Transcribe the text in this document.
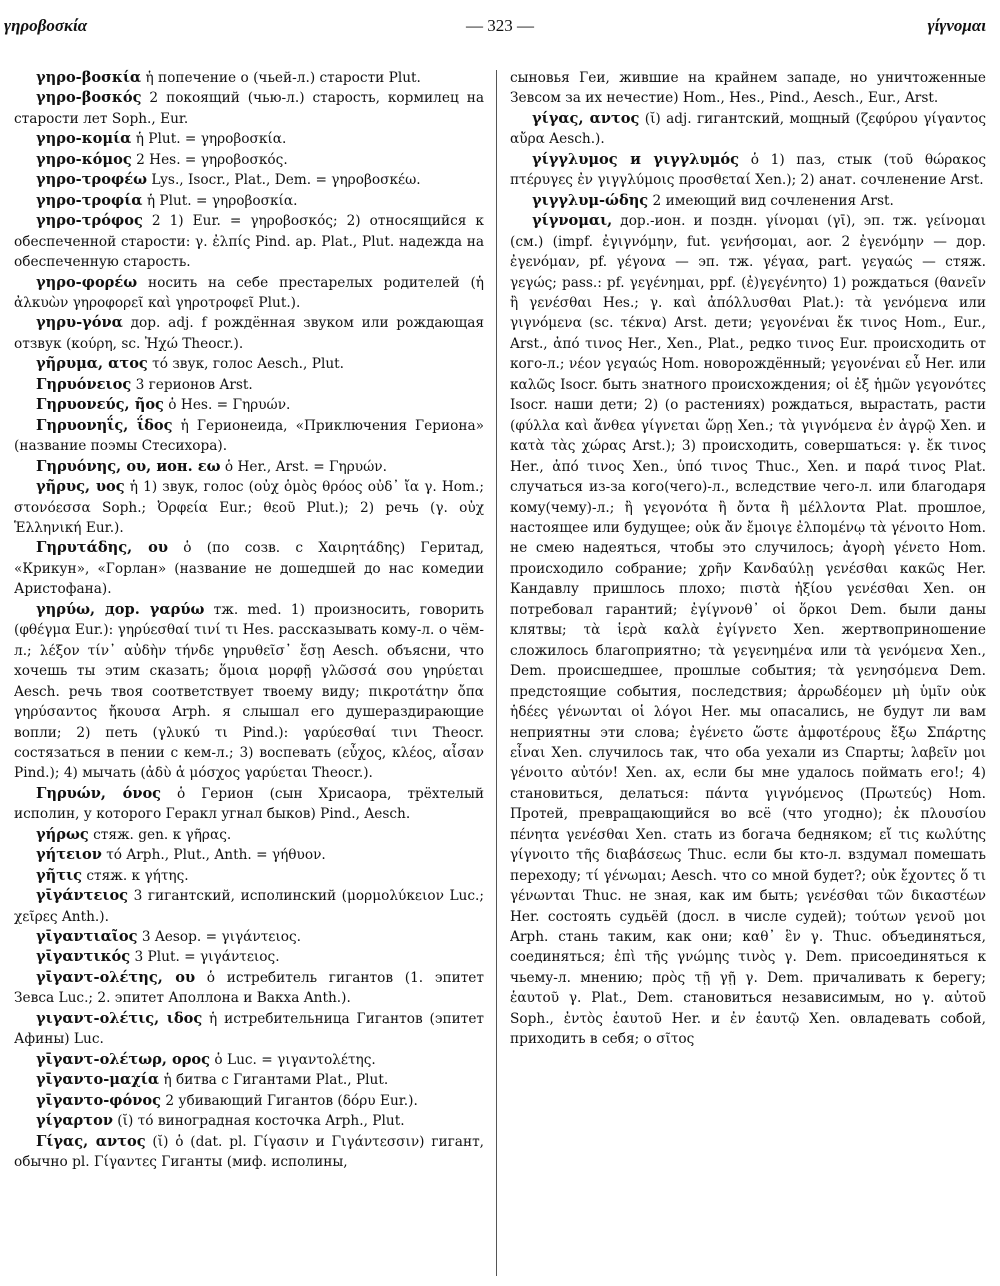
γηροβοσκία	— 323 —	γίγνομαι

γηρο-βοσκία ἡ попечение о (чьей-л.) старости Plut.

γηρο-βοσκός 2 покоящий (чью-л.) старость, кормилец на старости лет Soph., Eur.

γηρο-κομία ἡ Plut. = γηροβοσκία.

γηρο-κόμος 2 Hes. = γηροβοσκός.

γηρο-τροφέω Lys., Isocr., Plat., Dem. = γηροβοσκέω.

γηρο-τροφία ἡ Plut. = γηροβοσκία.

γηρο-τρόφος 2 1) Eur. = γηροβοσκός; 2) относящийся к обеспеченной старости: γ. ἐλπίς Pind. ap. Plat., Plut. надежда на обеспеченную старость.

γηρο-φορέω носить на себе престарелых родителей (ἡ ἀλκυὼν γηροφορεῖ καὶ γηροτροφεῖ Plut.).

γηρυ-γόνα дор. adj. f рождённая звуком или рождающая отзвук (κούρη, sc. Ἠχώ Theocr.).

γῆρυμα, ατος τό звук, голос Aesch., Plut.

Γηρυόνειος 3 герионов Arst.

Γηρυονεύς, ῆος ὁ Hes. = Γηρυών.

Γηρυονηΐς, ΐδος ἡ Герионеида, «Приключения Гериона» (название поэмы Стесихора).

Γηρυόνης, ου, ион. εω ὁ Her., Arst. = Γηρυών.

γῆρυς, υος ἡ 1) звук, голос (οὐχ ὁμὸς θρόος οὐδ᾽ ἴα γ. Hom.; στονόεσσα Soph.; Ὀρφεία Eur.; θεοῦ Plut.); 2) речь (γ. οὐχ Ἑλληνική Eur.).

Γηρυτάδης, ου ὁ (по созв. с Χαιρητάδης) Геритад, «Крикун», «Горлан» (название не дошедшей до нас комедии Аристофана).

γηρύω, дор. γαρύω тж. med. 1) произносить, говорить (φθέγμα Eur.): γηρύεσθαί τινί τι Hes. рассказывать кому-л. о чём-л.; λέξον τίν᾽ αὐδὴν τήνδε γηρυθεῖσ᾽ ἔσῃ Aesch. объясни, что хочешь ты этим сказать; ὅμοια μορφῇ γλῶσσά σου γηρύεται Aesch. речь твоя соответствует твоему виду; πικροτάτην ὄπα γηρύσαντος ἤκουσα Arph. я слышал его душераздирающие вопли; 2) петь (γλυκύ τι Pind.): γαρύεσθαί τινι Theocr. состязаться в пении с кем-л.; 3) воспевать (εὖχος, κλέος, αἶσαν Pind.); 4) мычать (ἀδὺ ἁ μόσχος γαρύεται Theocr.).

Γηρυών, όνος ὁ Герион (сын Хрисаора, трёхтелый исполин, у которого Геракл угнал быков) Pind., Aesch.

γήρως стяж. gen. к γῆρας.

γήτειον τό Arph., Plut., Anth. = γήθυον.

γῆτις стяж. к γήτης.

γῑγάντειος 3 гигантский, исполинский (μορμολύκειον Luc.; χεῖρες Anth.).

γῑγαντιαῖος 3 Aesop. = γιγάντειος.

γῑγαντικός 3 Plut. = γιγάντειος.

γῑγαντ-ολέτης, ου ὁ истребитель гигантов (1. эпитет Зевса Luc.; 2. эпитет Аполлона и Вакха Anth.).

γιγαντ-ολέτις, ιδος ἡ истребительница Гигантов (эпитет Афины) Luc.

γῑγαντ-ολέτωρ, ορος ὁ Luc. = γιγαντολέτης.

γῑγαντο-μαχία ἡ битва с Гигантами Plat., Plut.

γῑγαντο-φόνος 2 убивающий Гигантов (δόρυ Eur.).

γίγαρτον (ῐ) τό виноградная косточка Arph., Plut.

Γίγας, αντος (ῐ) ὁ (dat. pl. Γίγασιν и Γιγάντεσσιν) гигант, обычно pl. Γίγαντες Гиганты (миф. исполины,

сыновья Геи, жившие на крайнем западе, но уничтоженные Зевсом за их нечестие) Hom., Hes., Pind., Aesch., Eur., Arst.

γίγας, αντος (ῐ) adj. гигантский, мощный (ζεφύρου γίγαντος αὔρα Aesch.).

γίγγλυμος и γιγγλυμός ὁ 1) паз, стык (τοῦ θώρακος πτέρυγες ἐν γιγγλύμοις προσθεταί Xen.); 2) анат. сочленение Arst.

γιγγλυμ-ώδης 2 имеющий вид сочленения Arst.

γίγνομαι, дор.-ион. и поздн. γίνομαι (γῑ), эп. тж. γείνομαι (см.) (impf. ἐγιγνόμην, fut. γενήσομαι, aor. 2 ἐγενόμην — дор. ἐγενόμαν, pf. γέγονα — эп. тж. γέγαα, part. γεγαώς — стяж. γεγώς; pass.: pf. γεγένημαι, ppf. (ἐ)γεγένητο) 1) рождаться (θανεῖν ἢ γενέσθαι Hes.; γ. καὶ ἀπόλλυσθαι Plat.): τὰ γενόμενα или γιγνόμενα (sc. τέκνα) Arst. дети; γεγονέναι ἔκ τινος Hom., Eur., Arst., ἀπό τινος Her., Xen., Plat., редко τινος Eur. происходить от кого-л.; νέον γεγαώς Hom. новорождённый; γεγονέναι εὖ Her. или καλῶς Isocr. быть знатного происхождения; οἱ ἐξ ἡμῶν γεγονότες Isocr. наши дети; 2) (о растениях) рождаться, вырастать, расти (φύλλα καὶ ἄνθεα γίγνεται ὥρῃ Xen.; τὰ γιγνόμενα ἐν ἀγρῷ Xen. и κατὰ τὰς χώρας Arst.); 3) происходить, совершаться: γ. ἔκ τινος Her., ἀπό τινος Xen., ὑπό τινος Thuc., Xen. и παρά τινος Plat. случаться из-за кого(чего)-л., вследствие чего-л. или благодаря кому(чему)-л.; ἢ γεγονότα ἢ ὄντα ἢ μέλλοντα Plat. прошлое, настоящее или будущее; οὐκ ἄν ἔμοιγε ἐλπομένῳ τὰ γένοιτο Hom. не смею надеяться, чтобы это случилось; ἀγορὴ γένετο Hom. происходило собрание; χρῆν Κανδαύλῃ γενέσθαι κακῶς Her. Кандавлу пришлось плохо; πιστὰ ἠξίου γενέσθαι Xen. он потребовал гарантий; ἐγίγνονθ᾽ οἱ ὅρκοι Dem. были даны клятвы; τὰ ἱερὰ καλὰ ἐγίγνετο Xen. жертвоприношение сложилось благоприятно; τὰ γεγενημένα или τὰ γενόμενα Xen., Dem. происшедшее, прошлые события; τὰ γενησόμενα Dem. предстоящие события, последствия; ἀρρωδέομεν μὴ ὑμῖν οὐκ ἡδέες γένωνται οἱ λόγοι Her. мы опасались, не будут ли вам неприятны эти слова; ἐγένετο ὥστε ἀμφοτέρους ἔξω Σπάρτης εἶναι Xen. случилось так, что оба уехали из Спарты; λαβεῖν μοι γένοιτο αὐτόν! Xen. ах, если бы мне удалось поймать его!; 4) становиться, делаться: πάντα γιγνόμενος (Πρωτεύς) Hom. Протей, превращающийся во всё (что угодно); ἐκ πλουσίου πένητα γενέσθαι Xen. стать из богача бедняком; εἴ τις κωλύτης γίγνοιτο τῆς διαβάσεως Thuc. если бы кто-л. вздумал помешать переходу; τί γένωμαι; Aesch. что со мной будет?; οὐκ ἔχοντες ὅ τι γένωνται Thuc. не зная, как им быть; γενέσθαι τῶν δικαστέων Her. состоять судьёй (досл. в числе судей); τούτων γενοῦ μοι Arph. стань таким, как они; καθ᾽ ἓν γ. Thuc. объединяться, соединяться; ἐπὶ τῆς γνώμης τινὸς γ. Dem. присоединяться к чьему-л. мнению; πρὸς τῇ γῇ γ. Dem. причаливать к берегу; ἑαυτοῦ γ. Plat., Dem. становиться независимым, но γ. αὐτοῦ Soph., ἐντὸς ἑαυτοῦ Her. и ἐν ἑαυτῷ Xen. овладевать собой, приходить в себя; ο σῖτος
